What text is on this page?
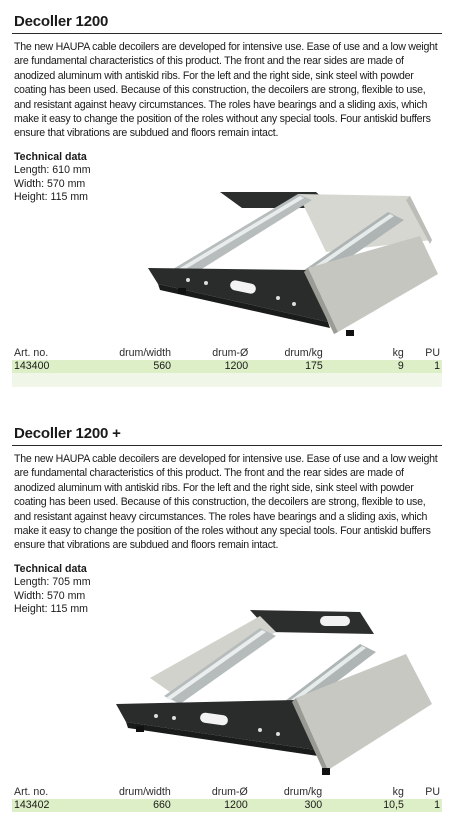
Decoller 1200
The new HAUPA cable decoilers are developed for intensive use. Ease of use and a low weight are fundamental characteristics of this product. The front and the rear sides are made of anodized aluminum with antiskid ribs. For the left and the right side, sink steel with powder coating has been used. Because of this construction, the decoilers are strong, flexible to use, and resistant against heavy circumstances. The roles have bearings and a sliding axis, which make it easy to change the position of the roles without any special tools. Four antiskid buffers ensure that vibrations are subdued and floors remain intact.
Technical data
Length: 610 mm
Width: 570 mm
Height: 115 mm
Art. no.	drum/width	drum-Ø	drum/kg	kg	PU
143400	560	1200	175	9	1

Decoller 1200 +
The new HAUPA cable decoilers are developed for intensive use. Ease of use and a low weight are fundamental characteristics of this product. The front and the rear sides are made of anodized aluminum with antiskid ribs. For the left and the right side, sink steel with powder coating has been used. Because of this construction, the decoilers are strong, flexible to use, and resistant against heavy circumstances. The roles have bearings and a sliding axis, which make it easy to change the position of the roles without any special tools. Four antiskid buffers ensure that vibrations are subdued and floors remain intact.
Technical data
Length: 705 mm
Width: 570 mm
Height: 115 mm
Art. no.	drum/width	drum-Ø	drum/kg	kg	PU
143402	660	1200	300	10,5	1
